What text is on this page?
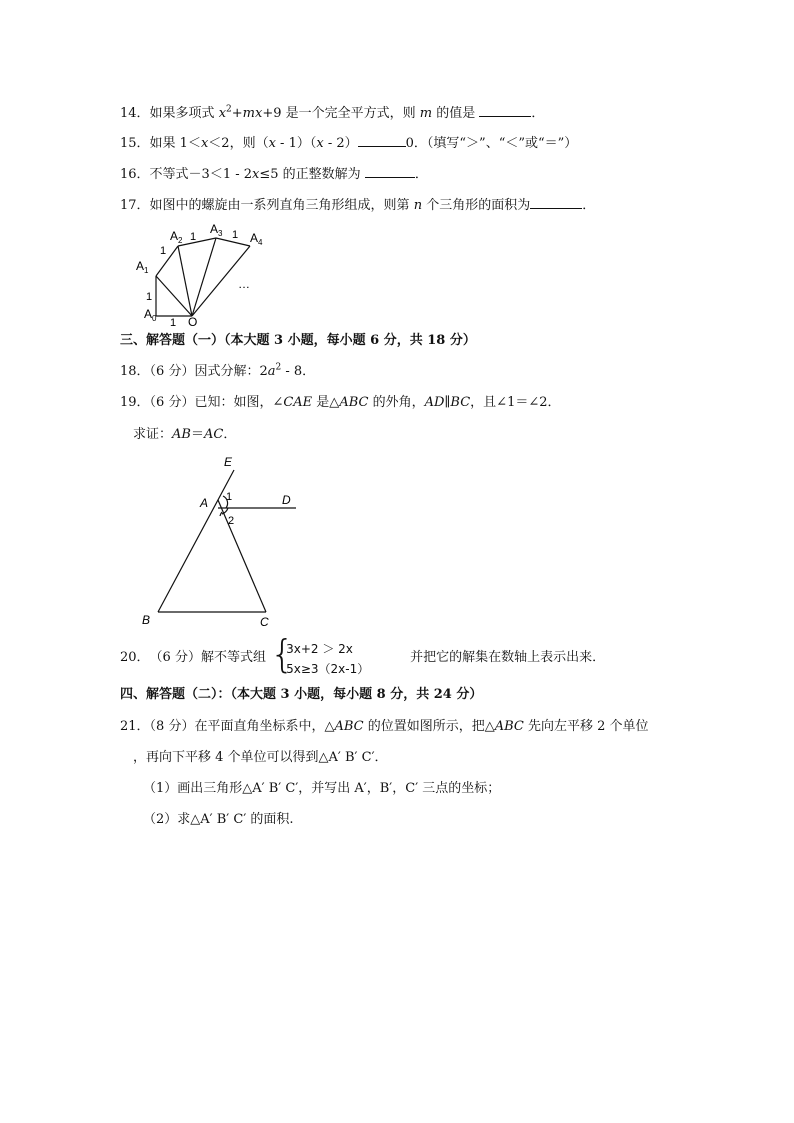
14．如果多项式 $x^2+mx+9$ 是一个完全平方式，则 m 的值是	．
15．如果 1＜x＜2，则（x - 1）（x - 2）	0．（填写“＞”、“＜”或“＝”）
16．不等式－3＜1 - 2x≤5 的正整数解为	．
17．如图中的螺旋由一系列直角三角形组成，则第 n 个三角形的面积为	．
$A_2$
$A_3$ $A_4$
$A_1$
$A_0$	O
1
1	1
1
1
…
三、解答题（一）（本大题 3 小题，每小题 6 分，共 18 分）
18．（6 分）因式分解：$2a^2 - 8$．
19．（6 分）已知：如图，∠CAE 是△ABC 的外角，AD∥BC，且∠1＝∠2．
求证：AB＝AC．
E
A	D
1
2
B	C
20．（6 分）解不等式组 {
3x+2 ＞ 2x
5x≥3（2x-1）
并把它的解集在数轴上表示出来．
四、解答题（二）：（本大题 3 小题，每小题 8 分，共 24 分）
21．（8 分）在平面直角坐标系中，△ABC 的位置如图所示，把△ABC 先向左平移 2 个单位
，再向下平移 4 个单位可以得到△A′ B′ C′．
（1）画出三角形△A′ B′ C′，并写出 A′，B′，C′ 三点的坐标；
（2）求△A′ B′ C′ 的面积.
